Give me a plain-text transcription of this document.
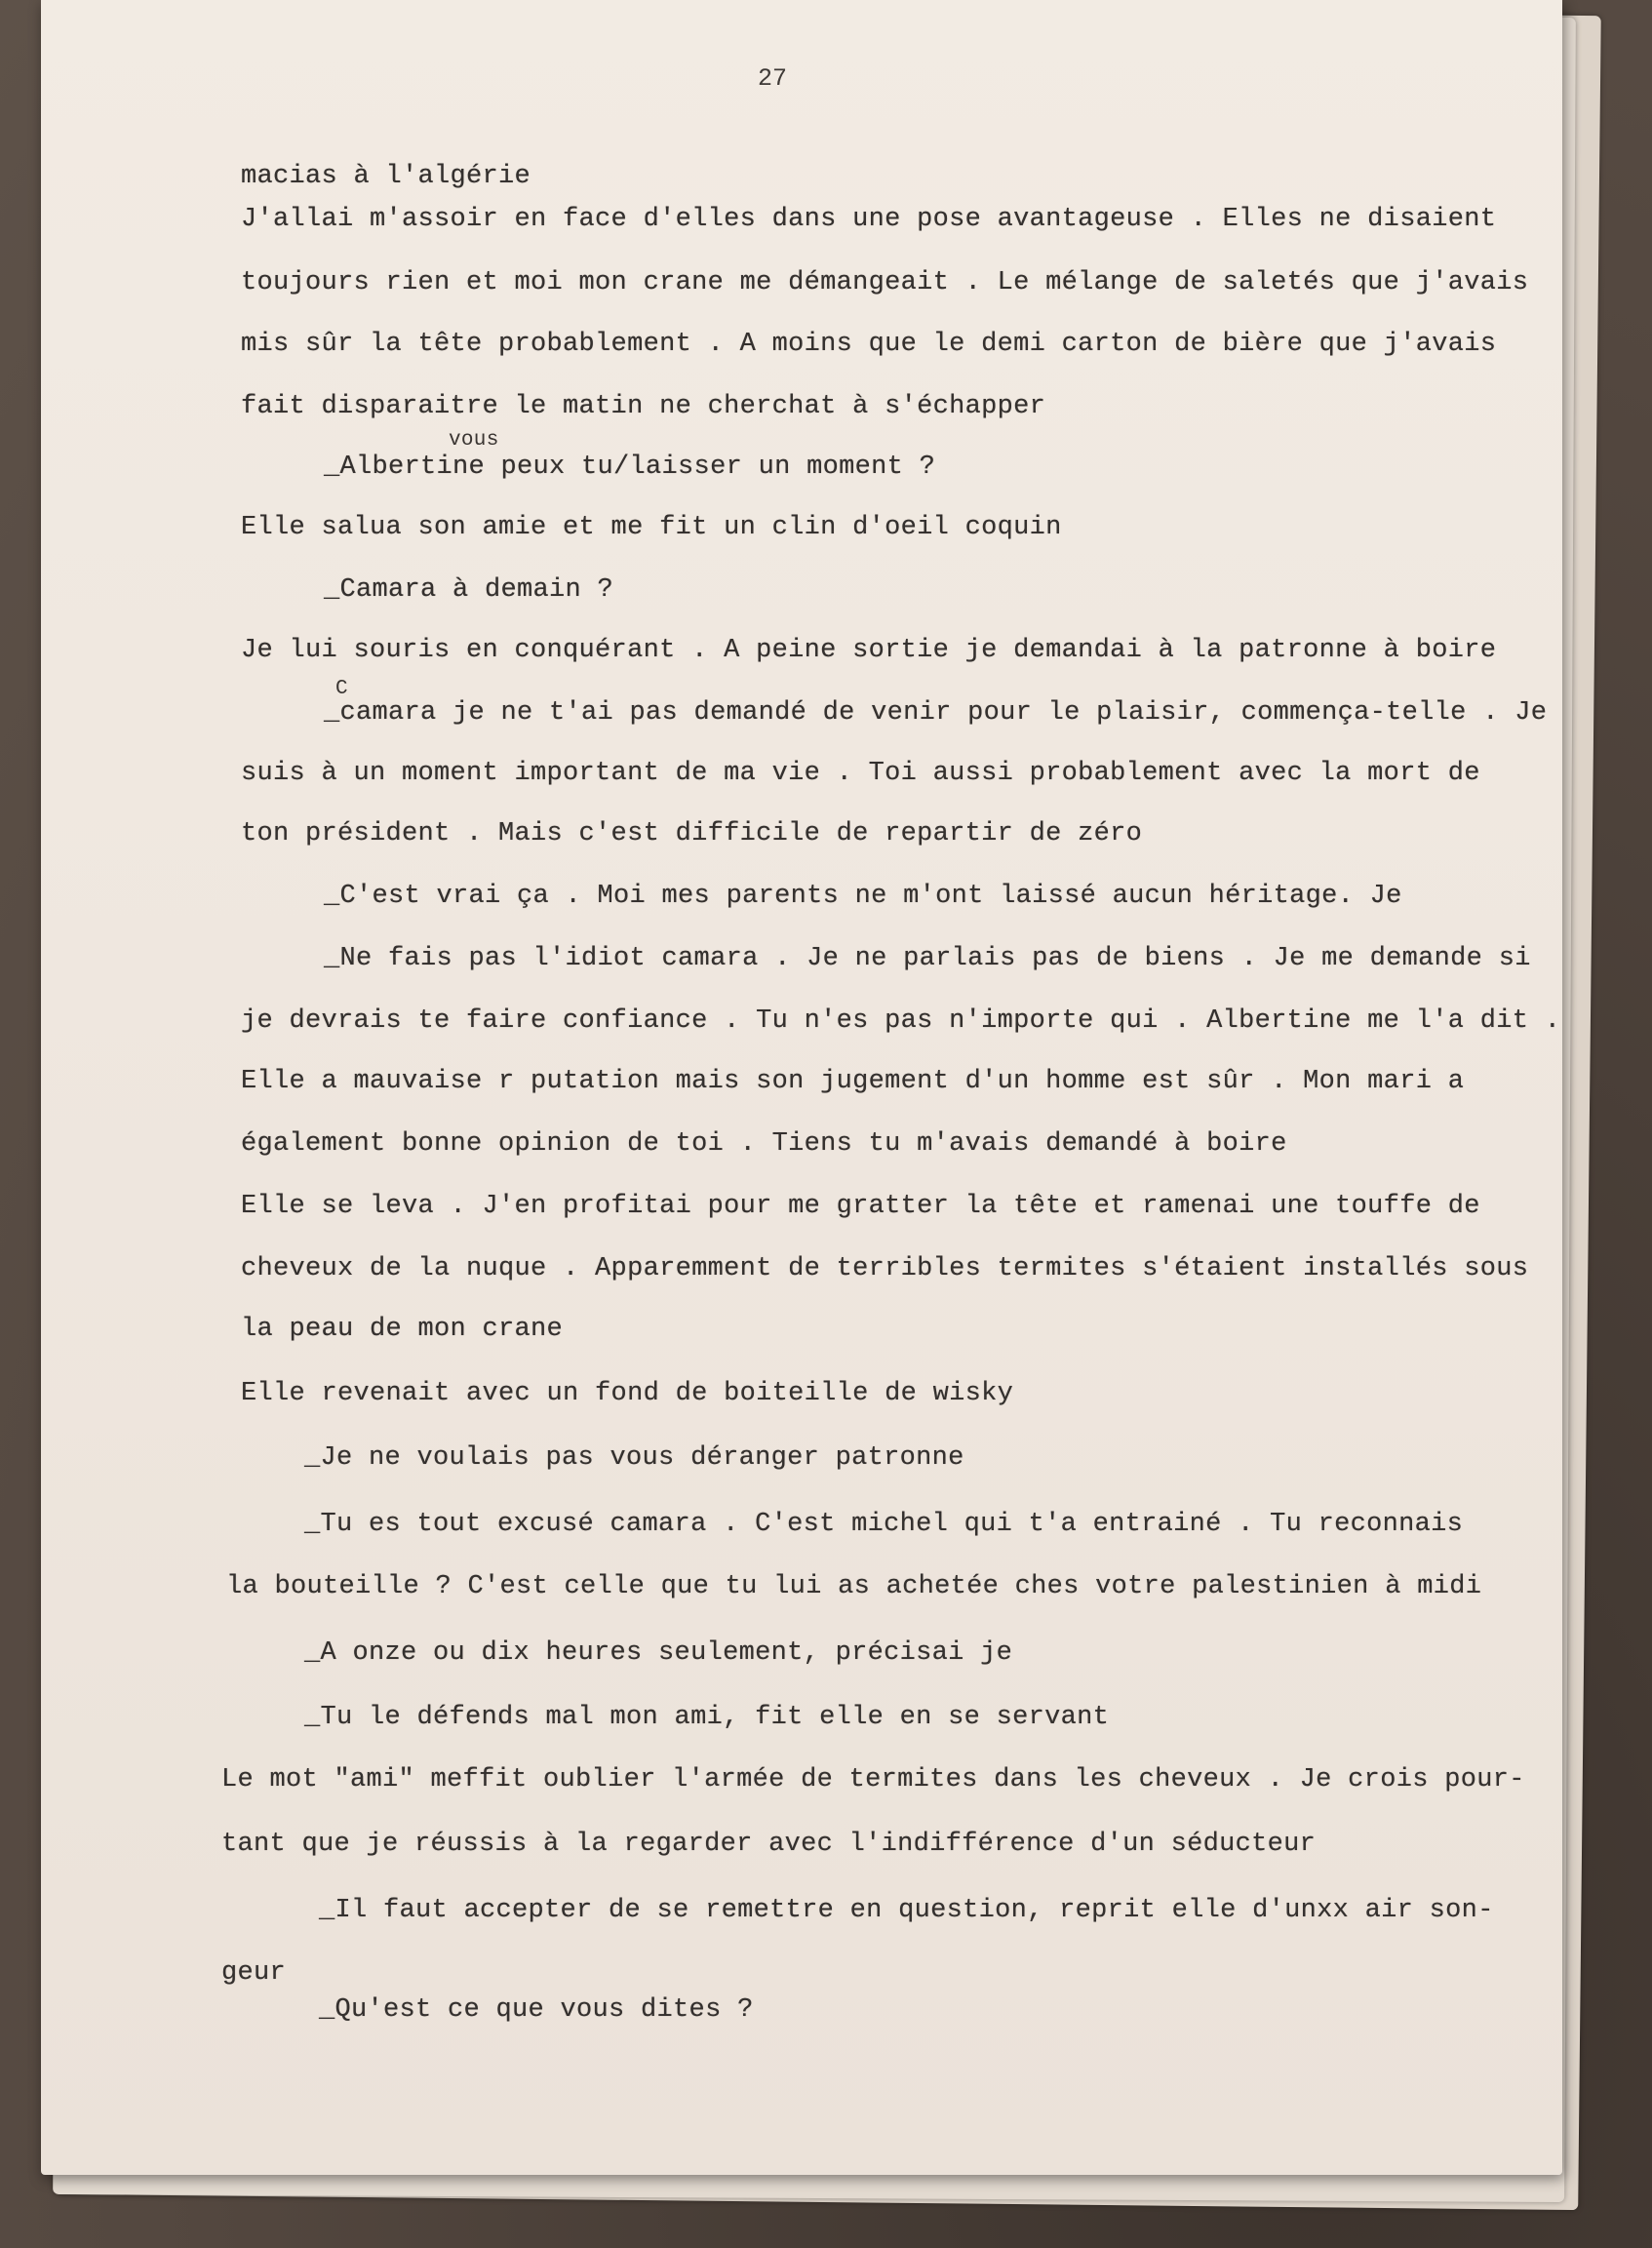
27
macias à l'algérie
J'allai m'assoir en face d'elles dans une pose avantageuse . Elles ne disaient
toujours rien et moi mon crane me démangeait . Le mélange de saletés que j'avais
mis sûr la tête probablement . A moins que le demi carton de bière que j'avais
fait disparaitre le matin ne cherchat à s'échapper
vous
_Albertine peux tu/laisser un moment ?
Elle salua son amie et me fit un clin d'oeil coquin
_Camara à demain ?
Je lui souris en conquérant . A peine sortie je demandai à la patronne à boire
C
_camara je ne t'ai pas demandé de venir pour le plaisir, commença-telle . Je
suis à un moment important de ma vie . Toi aussi probablement avec la mort de
ton président . Mais c'est difficile de repartir de zéro
_C'est vrai ça . Moi mes parents ne m'ont laissé aucun héritage. Je
_Ne fais pas l'idiot camara . Je ne parlais pas de biens . Je me demande si
je devrais te faire confiance . Tu n'es pas n'importe qui . Albertine me l'a dit .
Elle a mauvaise r putation mais son jugement d'un homme est sûr . Mon mari a
également bonne opinion de toi . Tiens tu m'avais demandé à boire
Elle se leva . J'en profitai pour me gratter la tête et ramenai une touffe de
cheveux de la nuque . Apparemment de terribles termites s'étaient installés sous
la peau de mon crane
Elle revenait avec un fond de boiteille de wisky
_Je ne voulais pas vous déranger patronne
_Tu es tout excusé camara . C'est michel qui t'a entrainé . Tu reconnais
la bouteille ? C'est celle que tu lui as achetée ches votre palestinien à midi
_A onze ou dix heures seulement, précisai je
_Tu le défends mal mon ami, fit elle en se servant
Le mot "ami" meffit oublier l'armée de termites dans les cheveux . Je crois pour-
tant que je réussis à la regarder avec l'indifférence d'un séducteur
_Il faut accepter de se remettre en question, reprit elle d'unxx air son-
geur
_Qu'est ce que vous dites ?
